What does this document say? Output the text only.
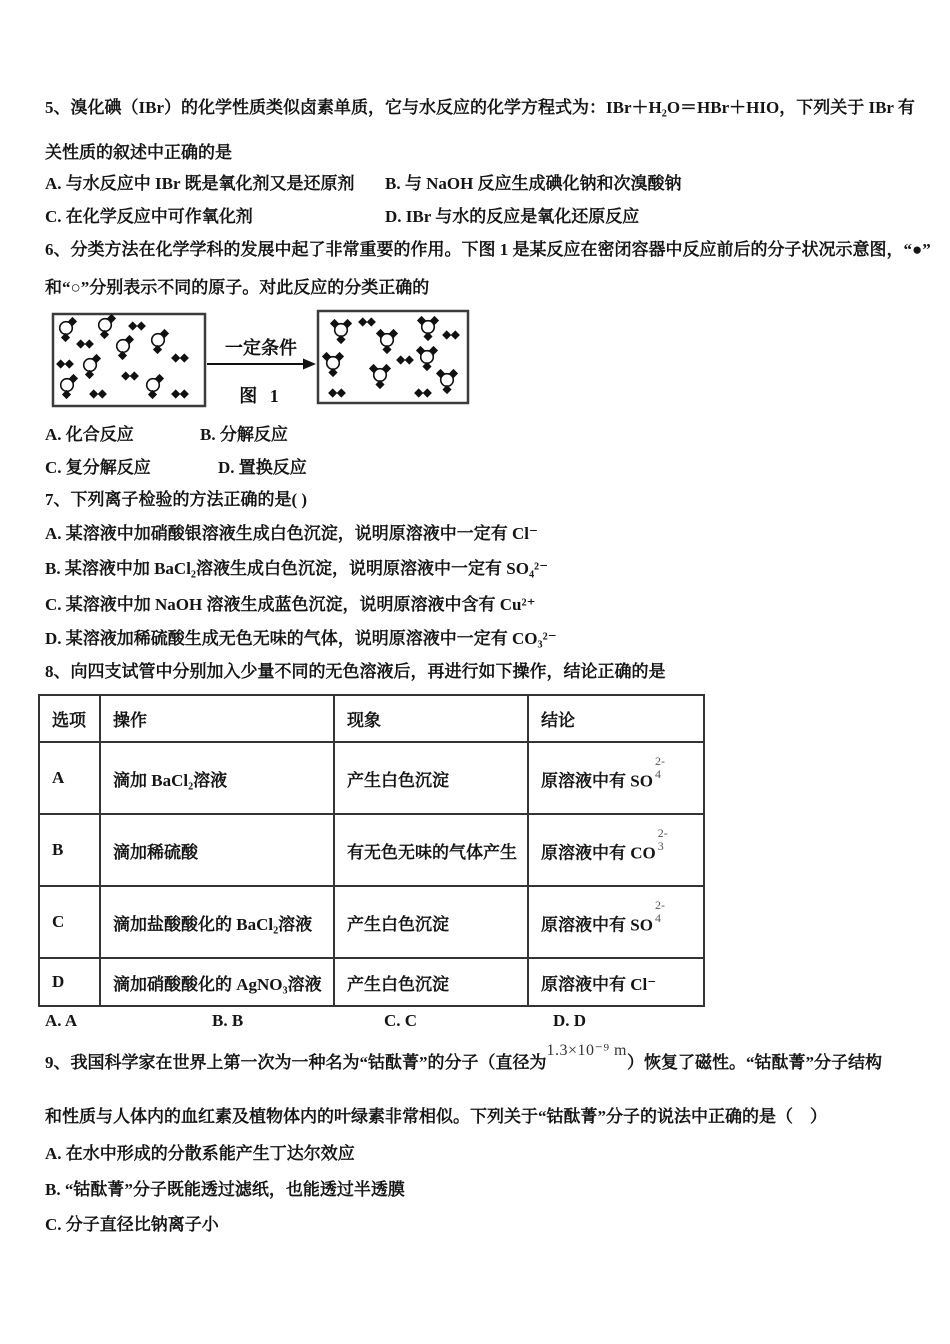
5、溴化碘（IBr）的化学性质类似卤素单质，它与水反应的化学方程式为：IBr＋H₂O＝HBr＋HIO，下列关于 IBr 有
关性质的叙述中正确的是
A. 与水反应中 IBr 既是氧化剂又是还原剂 B. 与 NaOH 反应生成碘化钠和次溴酸钠
C. 在化学反应中可作氧化剂	D. IBr 与水的反应是氧化还原反应
6、分类方法在化学学科的发展中起了非常重要的作用。下图 1 是某反应在密闭容器中反应前后的分子状况示意图，“●”
和“○”分别表示不同的原子。对此反应的分类正确的
一定条件
图 1
A. 化合反应	B. 分解反应
C. 复分解反应	D. 置换反应
7、下列离子检验的方法正确的是( )
A. 某溶液中加硝酸银溶液生成白色沉淀，说明原溶液中一定有 Cl⁻
B. 某溶液中加 BaCl₂溶液生成白色沉淀，说明原溶液中一定有 SO₄²⁻
C. 某溶液中加 NaOH 溶液生成蓝色沉淀，说明原溶液中含有 Cu²⁺
D. 某溶液加稀硫酸生成无色无味的气体，说明原溶液中一定有 CO₃²⁻
8、向四支试管中分别加入少量不同的无色溶液后，再进行如下操作，结论正确的是
选项	操作	现象	结论
A	滴加 BaCl₂溶液	产生白色沉淀	原溶液中有 SO
2-
4

B	滴加稀硫酸	有无色无味的气体产生	原溶液中有 CO
2-
3

C	滴加盐酸酸化的 BaCl₂溶液	产生白色沉淀	原溶液中有 SO
2-
4

D	滴加硝酸酸化的 AgNO₃溶液	产生白色沉淀	原溶液中有 Cl⁻
A. A	B. B	C. C	D. D
9、我国科学家在世界上第一次为一种名为“钴酞菁”的分子（直径为1.3×10⁻⁹ m）恢复了磁性。“钴酞菁”分子结构
和性质与人体内的血红素及植物体内的叶绿素非常相似。下列关于“钴酞菁”分子的说法中正确的是（　）
A. 在水中形成的分散系能产生丁达尔效应
B. “钴酞菁”分子既能透过滤纸，也能透过半透膜
C. 分子直径比钠离子小
